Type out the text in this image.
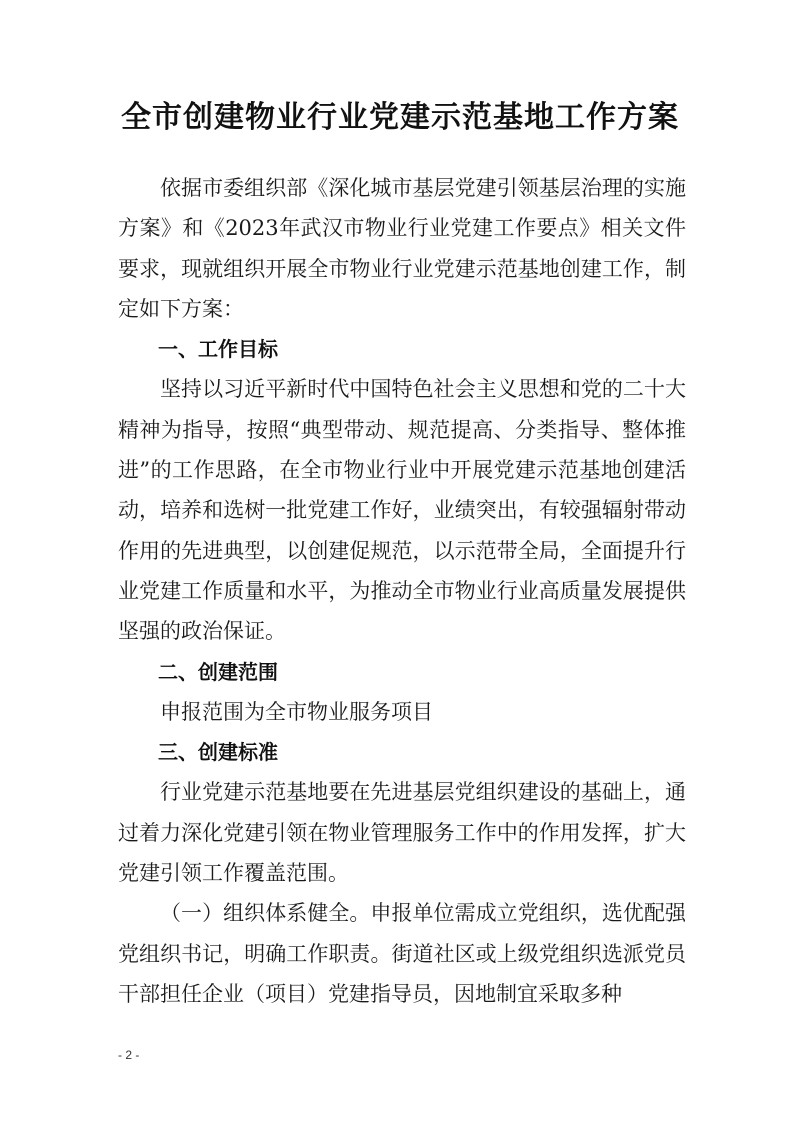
全市创建物业行业党建示范基地工作方案

依据市委组织部《深化城市基层党建引领基层治理的实施方案》和《2023年武汉市物业行业党建工作要点》相关文件要求，现就组织开展全市物业行业党建示范基地创建工作，制定如下方案：

一、工作目标

坚持以习近平新时代中国特色社会主义思想和党的二十大精神为指导，按照“典型带动、规范提高、分类指导、整体推进”的工作思路，在全市物业行业中开展党建示范基地创建活动，培养和选树一批党建工作好，业绩突出，有较强辐射带动作用的先进典型，以创建促规范，以示范带全局，全面提升行业党建工作质量和水平，为推动全市物业行业高质量发展提供坚强的政治保证。

二、创建范围

申报范围为全市物业服务项目

三、创建标准

行业党建示范基地要在先进基层党组织建设的基础上，通过着力深化党建引领在物业管理服务工作中的作用发挥，扩大党建引领工作覆盖范围。

（一）组织体系健全。申报单位需成立党组织，选优配强党组织书记，明确工作职责。街道社区或上级党组织选派党员干部担任企业（项目）党建指导员，因地制宜采取多种

- 2 -
